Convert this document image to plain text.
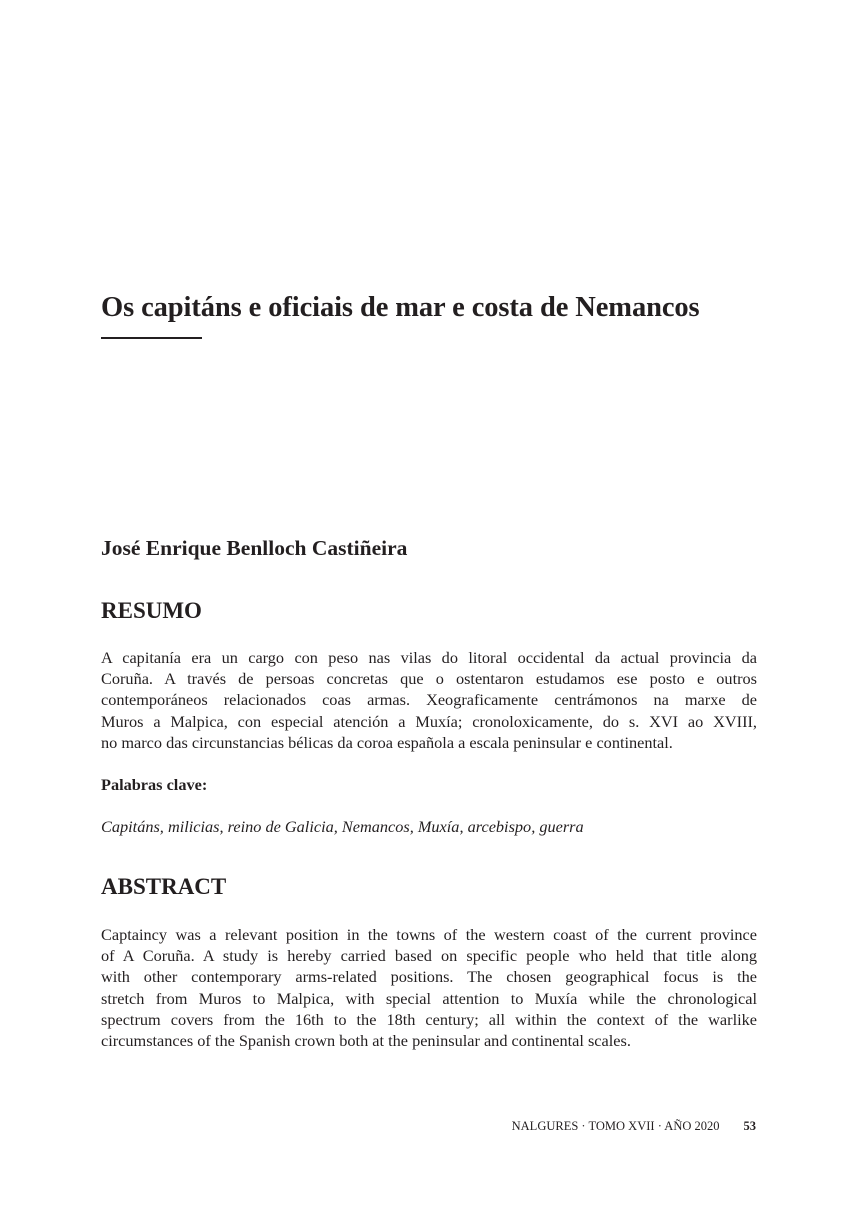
Os capitáns e oficiais de mar e costa de Nemancos
José Enrique Benlloch Castiñeira
RESUMO
A capitanía era un cargo con peso nas vilas do litoral occidental da actual provincia da
Coruña. A través de persoas concretas que o ostentaron estudamos ese posto e outros
contemporáneos relacionados coas armas. Xeograficamente centrámonos na marxe de
Muros a Malpica, con especial atención a Muxía; cronoloxicamente, do s. XVI ao XVIII,
no marco das circunstancias bélicas da coroa española a escala peninsular e continental.
Palabras clave:
Capitáns, milicias, reino de Galicia, Nemancos, Muxía, arcebispo, guerra
ABSTRACT
Captaincy was a relevant position in the towns of the western coast of the current province
of A Coruña. A study is hereby carried based on specific people who held that title along
with other contemporary arms-related positions. The chosen geographical focus is the
stretch from Muros to Malpica, with special attention to Muxía while the chronological
spectrum covers from the 16th to the 18th century; all within the context of the warlike
circumstances of the Spanish crown both at the peninsular and continental scales.
NALGURES · TOMO XVII · AÑO 2020 53
